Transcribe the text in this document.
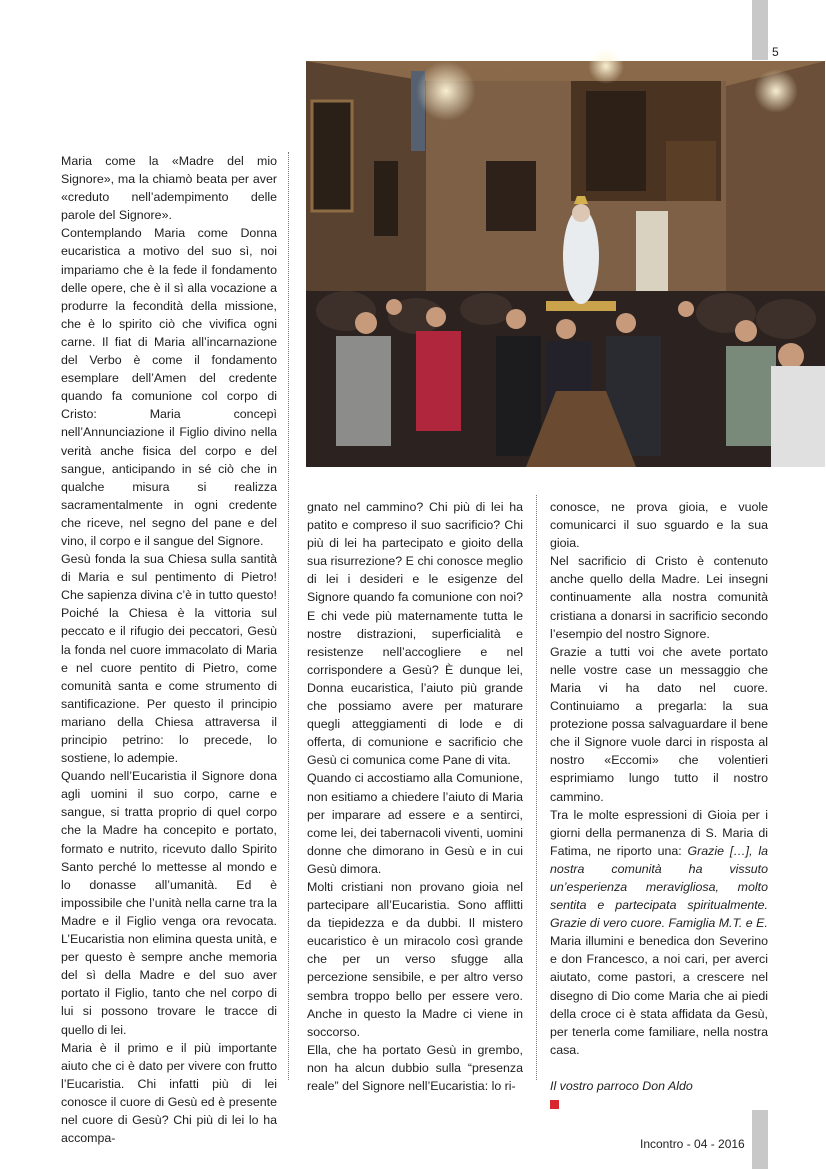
5

Maria come la «Madre del mio Signore», ma la chiamò beata per aver «creduto nell’adempimento delle parole del Signore».

Contemplando Maria come Donna eucaristica a motivo del suo sì, noi impariamo che è la fede il fondamento delle opere, che è il sì alla vocazione a produrre la fecondità della missione, che è lo spirito ciò che vivifica ogni carne. Il fiat di Maria all’incarnazione del Verbo è come il fondamento esemplare dell’Amen del credente quando fa comunione col corpo di Cristo: Maria concepì nell’Annunciazione il Figlio divino nella verità anche fisica del corpo e del sangue, anticipando in sé ciò che in qualche misura si realizza sacramentalmente in ogni credente che riceve, nel segno del pane e del vino, il corpo e il sangue del Signore.

Gesù fonda la sua Chiesa sulla santità di Maria e sul pentimento di Pietro! Che sapienza divina c’è in tutto questo! Poiché la Chiesa è la vittoria sul peccato e il rifugio dei peccatori, Gesù la fonda nel cuore immacolato di Maria e nel cuore pentito di Pietro, come comunità santa e come strumento di santificazione. Per questo il principio mariano della Chiesa attraversa il principio petrino: lo precede, lo sostiene, lo adempie.

Quando nell’Eucaristia il Signore dona agli uomini il suo corpo, carne e sangue, si tratta proprio di quel corpo che la Madre ha concepito e portato, formato e nutrito, ricevuto dallo Spirito Santo perché lo mettesse al mondo e lo donasse all’umanità. Ed è impossibile che l’unità nella carne tra la Madre e il Figlio venga ora revocata. L’Eucaristia non elimina questa unità, e per questo è sempre anche memoria del sì della Madre e del suo aver portato il Figlio, tanto che nel corpo di lui si possono trovare le tracce di quello di lei.

Maria è il primo e il più importante aiuto che ci è dato per vivere con frutto l’Eucaristia. Chi infatti più di lei conosce il cuore di Gesù ed è presente nel cuore di Gesù? Chi più di lei lo ha accompa-

gnato nel cammino? Chi più di lei ha patito e compreso il suo sacrificio? Chi più di lei ha partecipato e gioito della sua risurrezione? E chi conosce meglio di lei i desideri e le esigenze del Signore quando fa comunione con noi? E chi vede più maternamente tutta le nostre distrazioni, superficialità e resistenze nell’accogliere e nel corrispondere a Gesù? È dunque lei, Donna eucaristica, l’aiuto più grande che possiamo avere per maturare quegli atteggiamenti di lode e di offerta, di comunione e sacrificio che Gesù ci comunica come Pane di vita.

Quando ci accostiamo alla Comunione, non esitiamo a chiedere l’aiuto di Maria per imparare ad essere e a sentirci, come lei, dei tabernacoli viventi, uomini donne che dimorano in Gesù e in cui Gesù dimora.

Molti cristiani non provano gioia nel partecipare all’Eucaristia. Sono afflitti da tiepidezza e da dubbi. Il mistero eucaristico è un miracolo così grande che per un verso sfugge alla percezione sensibile, e per altro verso sembra troppo bello per essere vero. Anche in questo la Madre ci viene in soccorso.

Ella, che ha portato Gesù in grembo, non ha alcun dubbio sulla “presenza reale” del Signore nell’Eucaristia: lo ri-

conosce, ne prova gioia, e vuole comunicarci il suo sguardo e la sua gioia.

Nel sacrificio di Cristo è contenuto anche quello della Madre. Lei insegni continuamente alla nostra comunità cristiana a donarsi in sacrificio secondo l’esempio del nostro Signore.

Grazie a tutti voi che avete portato nelle vostre case un messaggio che Maria vi ha dato nel cuore. Continuiamo a pregarla: la sua protezione possa salvaguardare il bene che il Signore vuole darci in risposta al nostro «Eccomi» che volentieri esprimiamo lungo tutto il nostro cammino.

Tra le molte espressioni di Gioia per i giorni della permanenza di S. Maria di Fatima, ne riporto una: Grazie […], la nostra comunità ha vissuto un’esperienza meravigliosa, molto sentita e partecipata spiritualmente. Grazie di vero cuore. Famiglia M.T. e E.

Maria illumini e benedica don Severino e don Francesco, a noi cari, per averci aiutato, come pastori, a crescere nel disegno di Dio come Maria che ai piedi della croce ci è stata affidata da Gesù, per tenerla come familiare, nella nostra casa.

Il vostro parroco Don Aldo

Incontro - 04 - 2016
